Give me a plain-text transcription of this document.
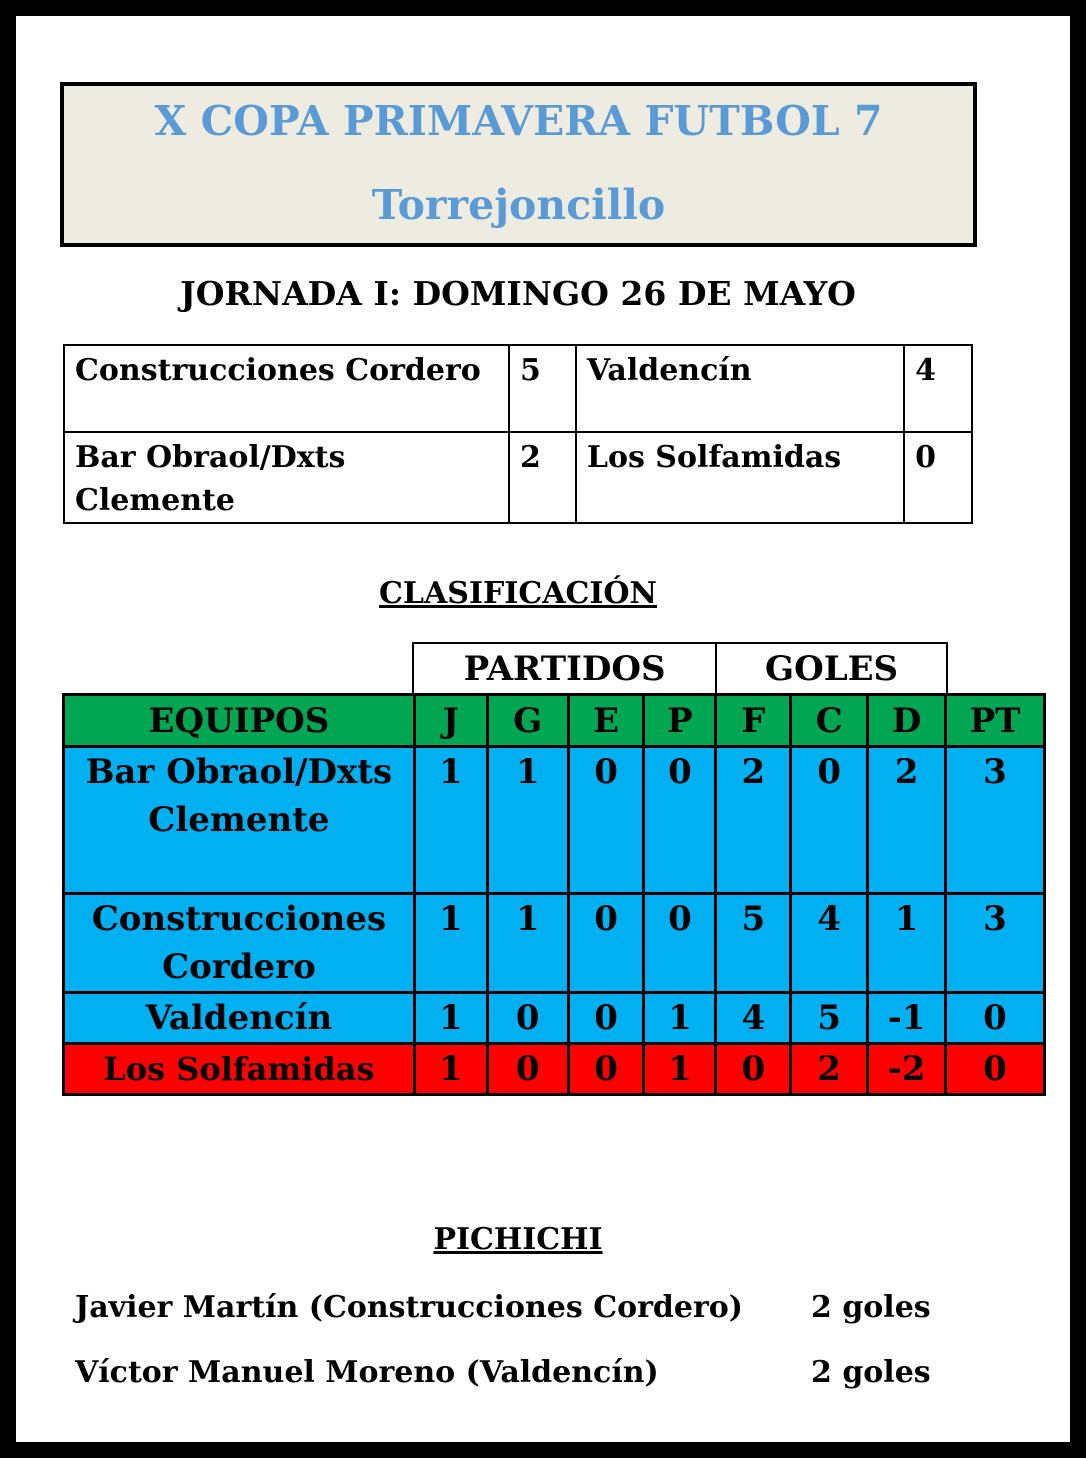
X COPA PRIMAVERA FUTBOL 7
Torrejoncillo
JORNADA I: DOMINGO 26 DE MAYO
Construcciones Cordero	5	Valdencín	4
Bar Obraol/Dxts Clemente	2	Los Solfamidas	0
CLASIFICACIÓN
PARTIDOS	GOLES
EQUIPOS	J	G	E	P	F	C	D	PT
Bar Obraol/Dxts Clemente	1	1	0	0	2	0	2	3
Construcciones Cordero	1	1	0	0	5	4	1	3
Valdencín	1	0	0	1	4	5	-1	0
Los Solfamidas	1	0	0	1	0	2	-2	0
PICHICHI
Javier Martín (Construcciones Cordero) 2 goles
Víctor Manuel Moreno (Valdencín)	2 goles
